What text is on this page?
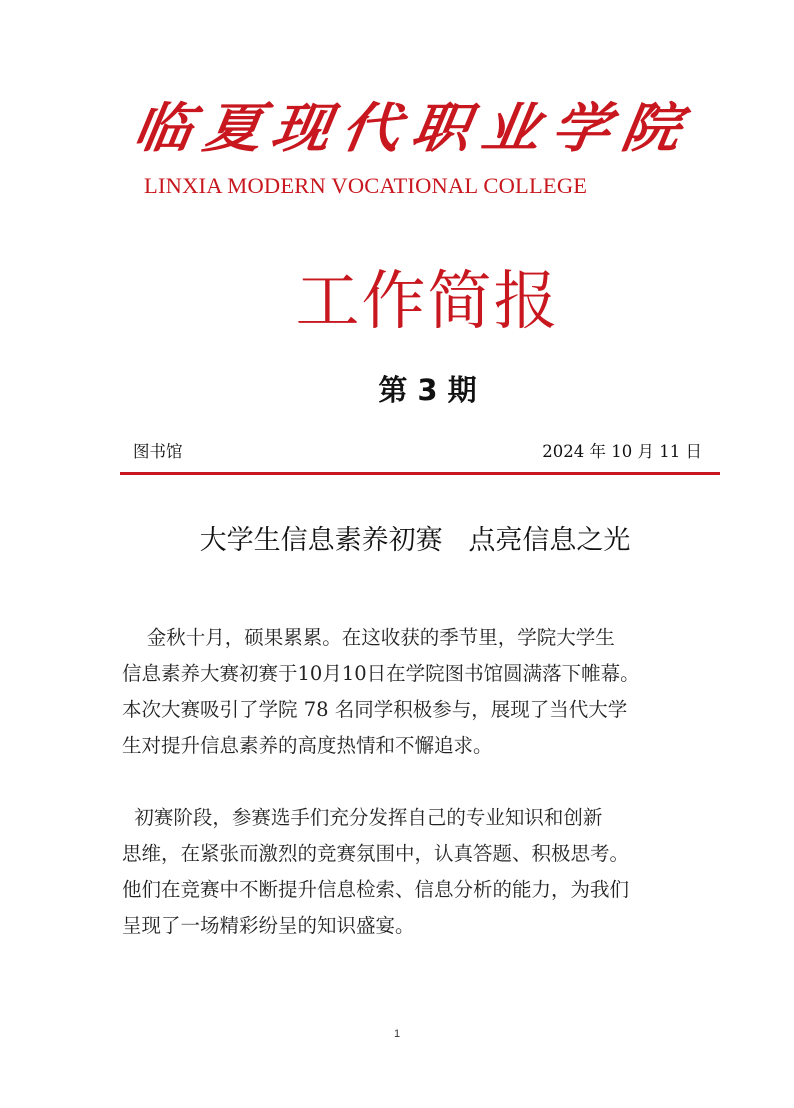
临 夏 现 代 职 业 学 院
LINXIA MODERN VOCATIONAL COLLEGE
工作简报
第 3 期
图书馆	2024 年 10 月 11 日
大学生信息素养初赛   点亮信息之光
金秋十月，硕果累累。在这收获的季节里，学院大学生
信息素养大赛初赛于10月10日在学院图书馆圆满落下帷幕。
本次大赛吸引了学院 78 名同学积极参与，展现了当代大学
生对提升信息素养的高度热情和不懈追求。
初赛阶段，参赛选手们充分发挥自己的专业知识和创新
思维，在紧张而激烈的竞赛氛围中，认真答题、积极思考。
他们在竞赛中不断提升信息检索、信息分析的能力，为我们
呈现了一场精彩纷呈的知识盛宴。
1
